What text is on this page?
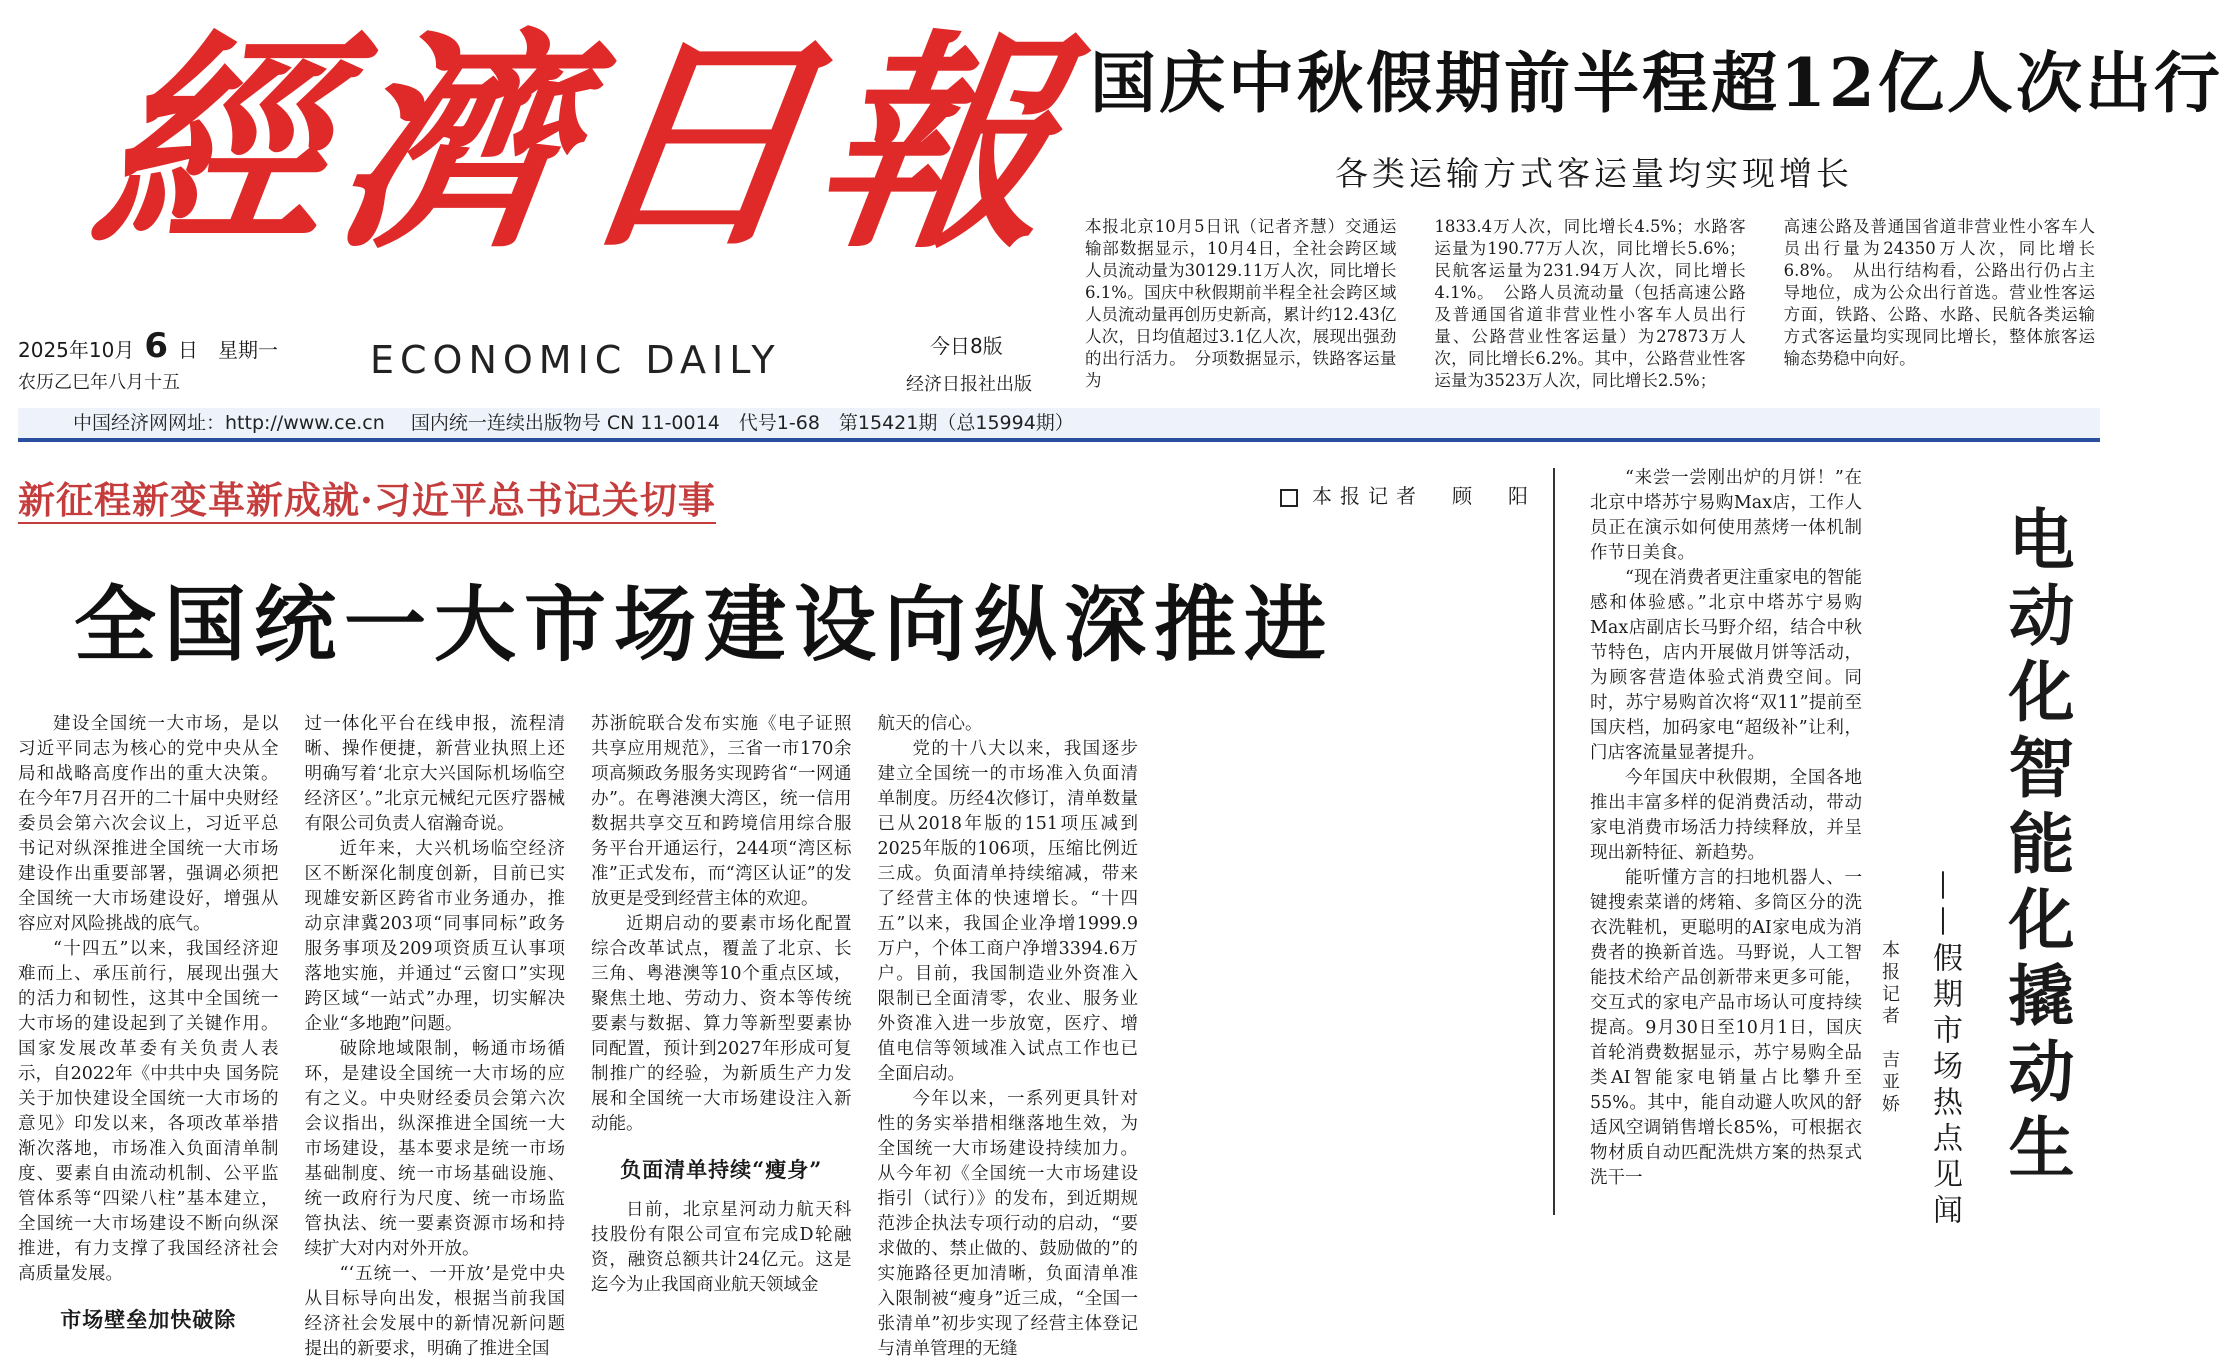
經濟日報
2025年10月 6 日　星期一
农历乙巳年八月十五
ECONOMIC DAILY	今日8版
经济日报社出版
中国经济网网址：http://www.ce.cn 国内统一连续出版物号 CN 11-0014　代号1-68　第15421期（总15994期）
国庆中秋假期前半程超12亿人次出行
各类运输方式客运量均实现增长
本报北京10月5日讯（记者齐慧）交通运输部数据显示，10月4日，全社会跨区域人员流动量为30129.11万人次，同比增长6.1%。国庆中秋假期前半程全社会跨区域人员流动量再创历史新高，累计约12.43亿人次，日均值超过3.1亿人次，展现出强劲的出行活力。　分项数据显示，铁路客运量为
1833.4万人次，同比增长4.5%；水路客运量为190.77万人次，同比增长5.6%；民航客运量为231.94万人次，同比增长4.1%。　公路人员流动量（包括高速公路及普通国省道非营业性小客车人员出行量、公路营业性客运量）为27873万人次，同比增长6.2%。其中，公路营业性客运量为3523万人次，同比增长2.5%；
高速公路及普通国省道非营业性小客车人员出行量为24350万人次，同比增长6.8%。　从出行结构看，公路出行仍占主导地位，成为公众出行首选。营业性客运方面，铁路、公路、水路、民航各类运输方式客运量均实现同比增长，整体旅客运输态势稳中向好。
新征程新变革新成就·习近平总书记关切事	本报记者　顾　阳
全国统一大市场建设向纵深推进

建设全国统一大市场，是以习近平同志为核心的党中央从全局和战略高度作出的重大决策。在今年7月召开的二十届中央财经委员会第六次会议上，习近平总书记对纵深推进全国统一大市场建设作出重要部署，强调必须把全国统一大市场建设好，增强从容应对风险挑战的底气。

“十四五”以来，我国经济迎难而上、承压前行，展现出强大的活力和韧性，这其中全国统一大市场的建设起到了关键作用。国家发展改革委有关负责人表示，自2022年《中共中央 国务院关于加快建设全国统一大市场的意见》印发以来，各项改革举措渐次落地，市场准入负面清单制度、要素自由流动机制、公平监管体系等“四梁八柱”基本建立，全国统一大市场建设不断向纵深推进，有力支撑了我国经济社会高质量发展。

市场壁垒加快破除

过一体化平台在线申报，流程清晰、操作便捷，新营业执照上还明确写着‘北京大兴国际机场临空经济区’。”北京元械纪元医疗器械有限公司负责人宿瀚奇说。

近年来，大兴机场临空经济区不断深化制度创新，目前已实现雄安新区跨省市业务通办，推动京津冀203项“同事同标”政务服务事项及209项资质互认事项落地实施，并通过“云窗口”实现跨区域“一站式”办理，切实解决企业“多地跑”问题。

破除地域限制，畅通市场循环，是建设全国统一大市场的应有之义。中央财经委员会第六次会议指出，纵深推进全国统一大市场建设，基本要求是统一市场基础制度、统一市场基础设施、统一政府行为尺度、统一市场监管执法、统一要素资源市场和持续扩大对内对外开放。

“‘五统一、一开放’是党中央从目标导向出发，根据当前我国经济社会发展中的新情况新问题提出的新要求，明确了推进全国

苏浙皖联合发布实施《电子证照共享应用规范》，三省一市170余项高频政务服务实现跨省“一网通办”。在粤港澳大湾区，统一信用数据共享交互和跨境信用综合服务平台开通运行，244项“湾区标准”正式发布，而“湾区认证”的发放更是受到经营主体的欢迎。

近期启动的要素市场化配置综合改革试点，覆盖了北京、长三角、粤港澳等10个重点区域，聚焦土地、劳动力、资本等传统要素与数据、算力等新型要素协同配置，预计到2027年形成可复制推广的经验，为新质生产力发展和全国统一大市场建设注入新动能。

负面清单持续“瘦身”

日前，北京星河动力航天科技股份有限公司宣布完成D轮融资，融资总额共计24亿元。这是迄今为止我国商业航天领域金

航天的信心。

党的十八大以来，我国逐步建立全国统一的市场准入负面清单制度。历经4次修订，清单数量已从2018年版的151项压减到2025年版的106项，压缩比例近三成。负面清单持续缩减，带来了经营主体的快速增长。“十四五”以来，我国企业净增1999.9万户，个体工商户净增3394.6万户。目前，我国制造业外资准入限制已全面清零，农业、服务业外资准入进一步放宽，医疗、增值电信等领域准入试点工作也已全面启动。

今年以来，一系列更具针对性的务实举措相继落地生效，为全国统一大市场建设持续加力。从今年初《全国统一大市场建设指引（试行）》的发布，到近期规范涉企执法专项行动的启动，“要求做的、禁止做的、鼓励做的”的实施路径更加清晰，负面清单准入限制被“瘦身”近三成，“全国一张清单”初步实现了经营主体登记与清单管理的无缝

“来尝一尝刚出炉的月饼！”在北京中塔苏宁易购Max店，工作人员正在演示如何使用蒸烤一体机制作节日美食。

“现在消费者更注重家电的智能感和体验感。”北京中塔苏宁易购Max店副店长马野介绍，结合中秋节特色，店内开展做月饼等活动，为顾客营造体验式消费空间。同时，苏宁易购首次将“双11”提前至国庆档，加码家电“超级补”让利，门店客流量显著提升。

今年国庆中秋假期，全国各地推出丰富多样的促消费活动，带动家电消费市场活力持续释放，并呈现出新特征、新趋势。

能听懂方言的扫地机器人、一键搜索菜谱的烤箱、多筒区分的洗衣洗鞋机，更聪明的AI家电成为消费者的换新首选。马野说，人工智能技术给产品创新带来更多可能，交互式的家电产品市场认可度持续提高。9月30日至10月1日，国庆首轮消费数据显示，苏宁易购全品类AI智能家电销量占比攀升至55%。其中，能自动避人吹风的舒适风空调销售增长85%，可根据衣物材质自动匹配洗烘方案的热泵式洗干一

本报记者　吉亚娇 ——假期市场热点见闻 电动化智能化撬动生
